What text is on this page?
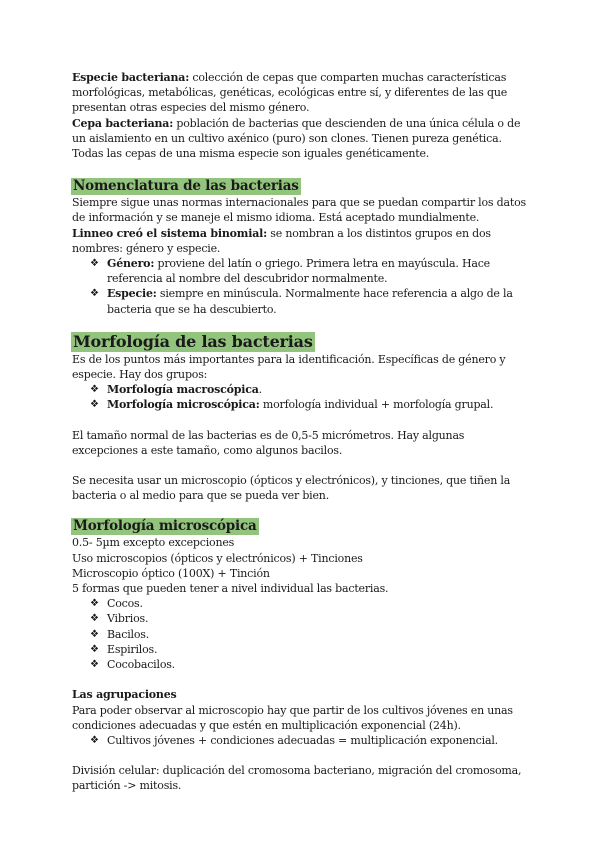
Especie bacteriana: colección de cepas que comparten muchas características morfológicas, metabólicas, genéticas, ecológicas entre sí, y diferentes de las que presentan otras especies del mismo género.

Cepa bacteriana: población de bacterias que descienden de una única célula o de un aislamiento en un cultivo axénico (puro) son clones. Tienen pureza genética. Todas las cepas de una misma especie son iguales genéticamente.

Nomenclatura de las bacterias

Siempre sigue unas normas internacionales para que se puedan compartir los datos de información y se maneje el mismo idioma. Está aceptado mundialmente.

Linneo creó el sistema binomial: se nombran a los distintos grupos en dos nombres: género y especie.

❖ Género: proviene del latín o griego. Primera letra en mayúscula. Hace referencia al nombre del descubridor normalmente.
❖ Especie: siempre en minúscula. Normalmente hace referencia a algo de la bacteria que se ha descubierto.
Morfología de las bacterias

Es de los puntos más importantes para la identificación. Específicas de género y especie. Hay dos grupos:

❖ Morfología macroscópica.
❖ Morfología microscópica: morfología individual + morfología grupal.

El tamaño normal de las bacterias es de 0,5-5 micrómetros. Hay algunas excepciones a este tamaño, como algunos bacilos.

Se necesita usar un microscopio (ópticos y electrónicos), y tinciones, que tiñen la bacteria o al medio para que se pueda ver bien.

Morfología microscópica

0.5- 5µm excepto excepciones

Uso microscopios (ópticos y electrónicos) + Tinciones

Microscopio óptico (100X) + Tinción

5 formas que pueden tener a nivel individual las bacterias.

❖ Cocos.
❖ Vibrios.
❖ Bacilos.
❖ Espirilos.
❖ Cocobacilos.

Las agrupaciones

Para poder observar al microscopio hay que partir de los cultivos jóvenes en unas condiciones adecuadas y que estén en multiplicación exponencial (24h).

❖ Cultivos jóvenes + condiciones adecuadas = multiplicación exponencial.

División celular: duplicación del cromosoma bacteriano, migración del cromosoma, partición -> mitosis.
